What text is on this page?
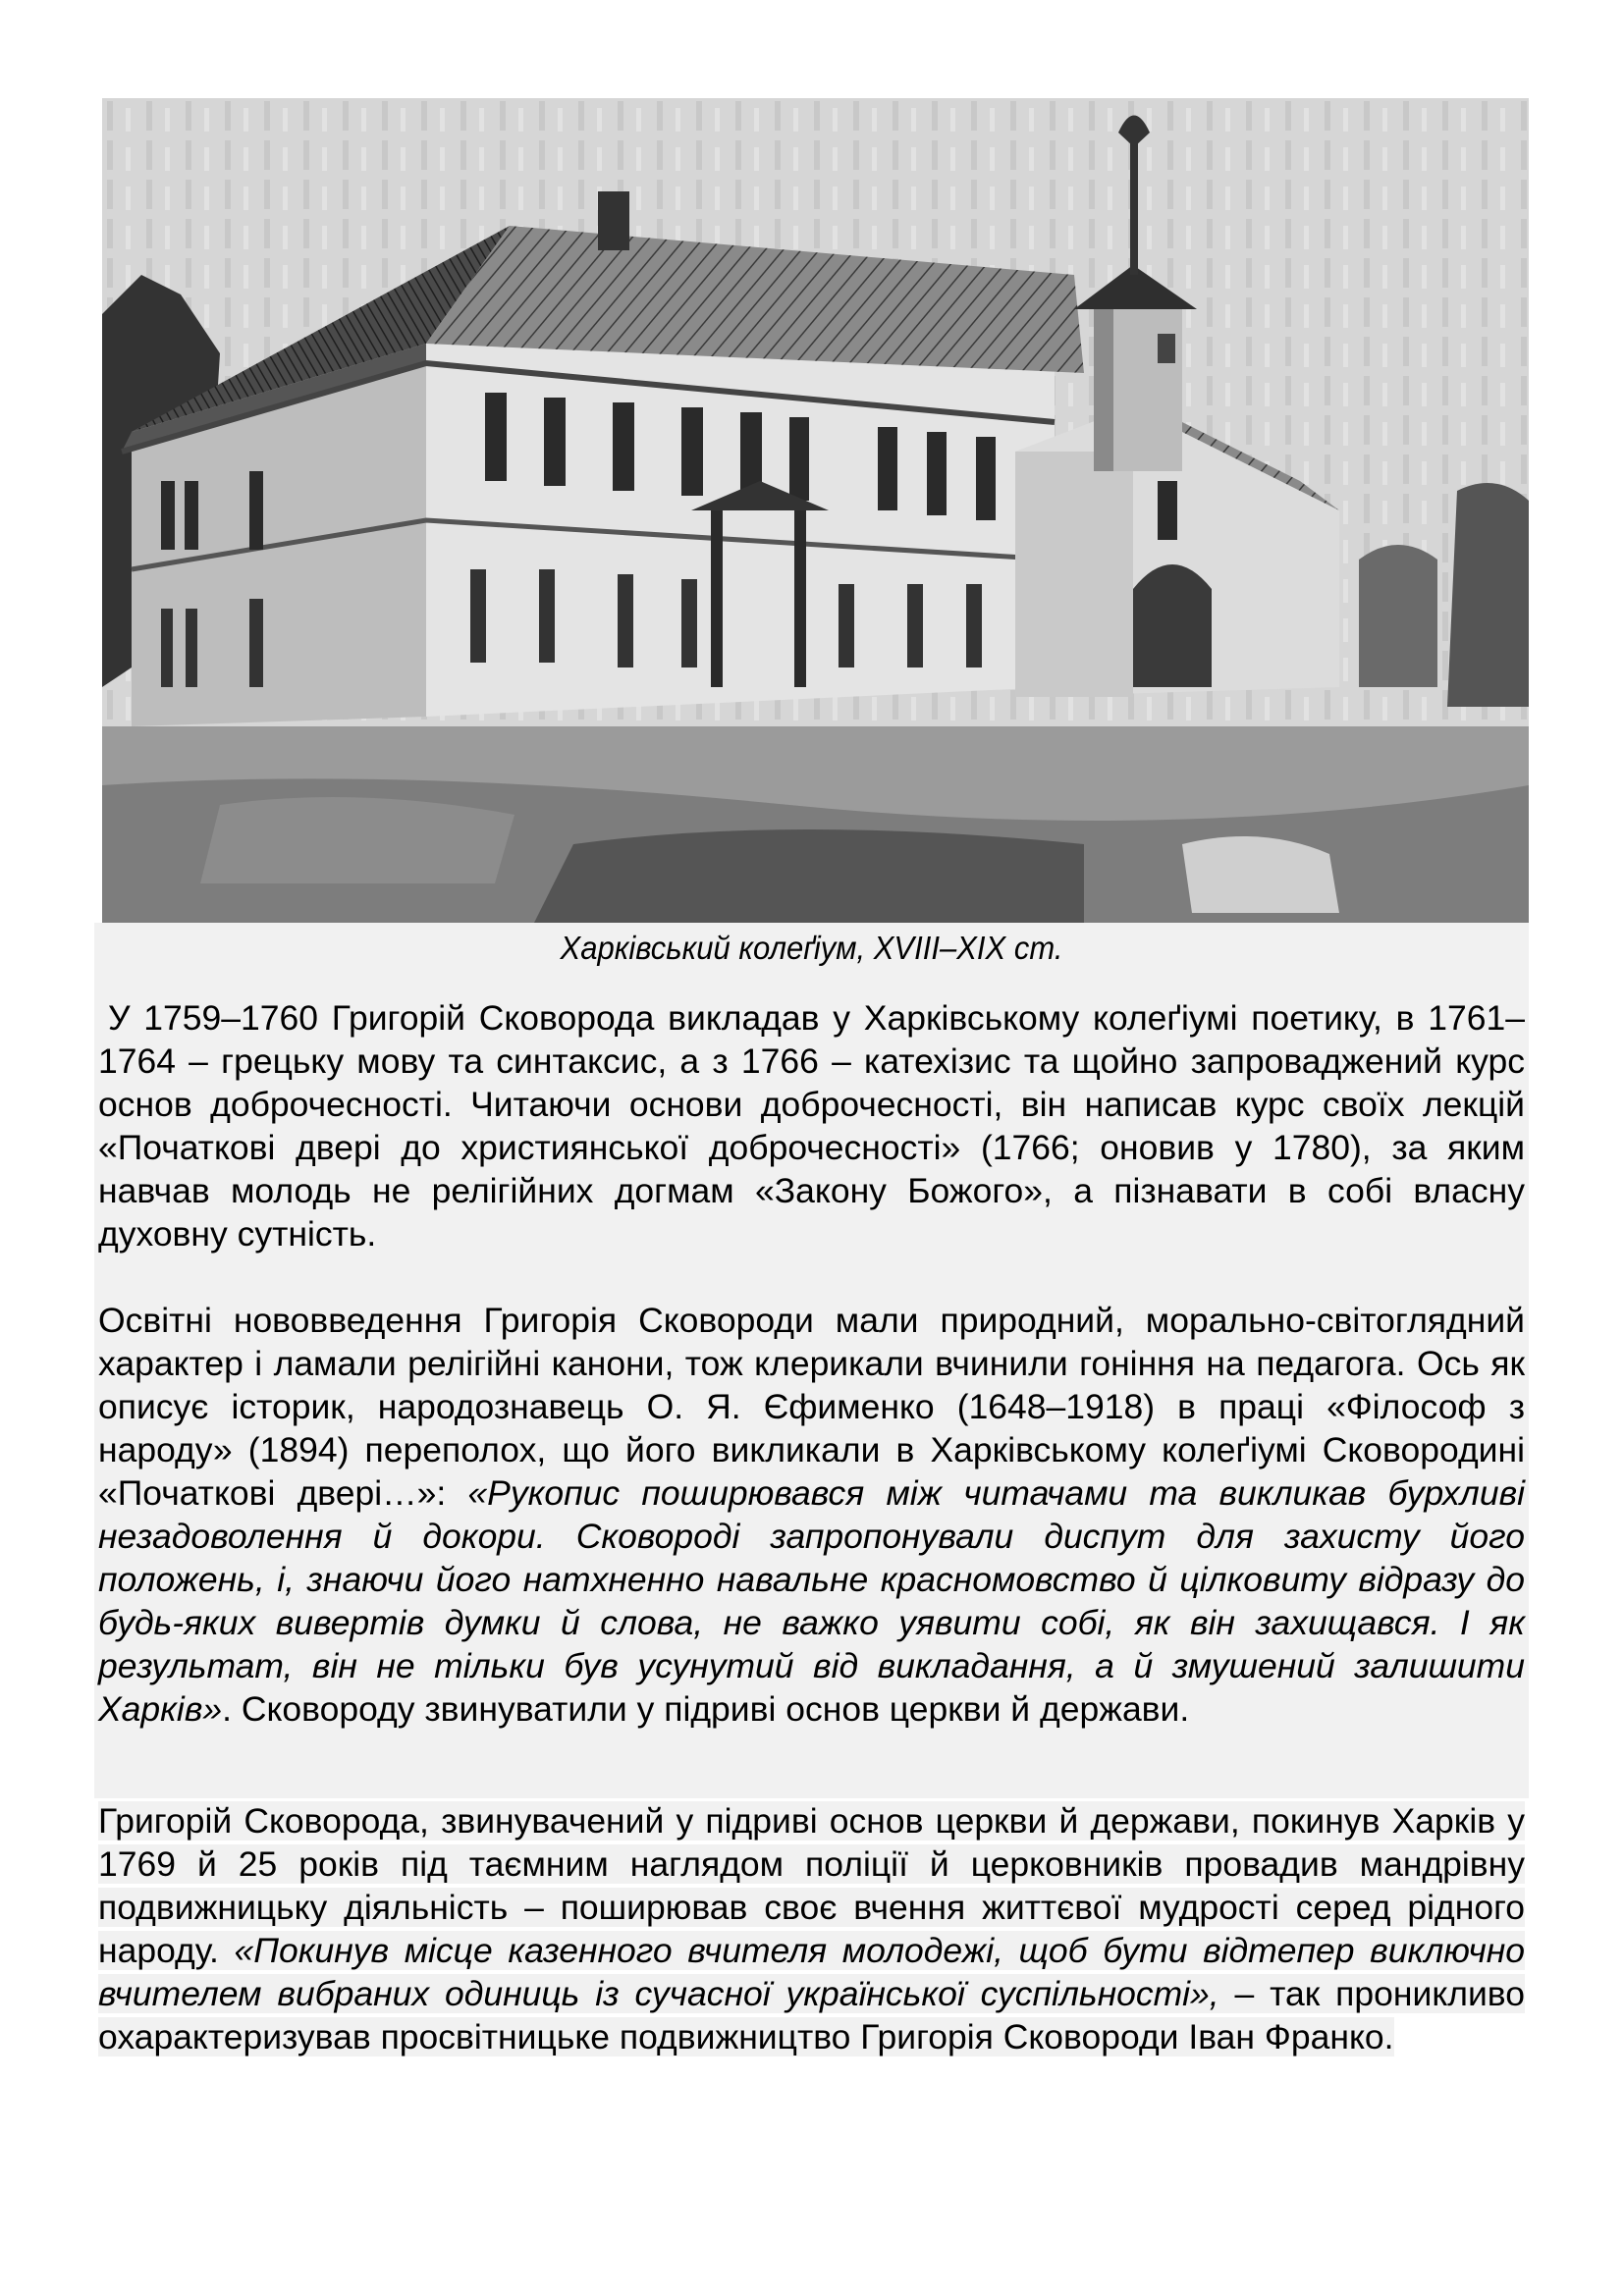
Харківський колеґіум, XVIII–XIX ст.

У 1759–1760 Григорій Сковорода викладав у Харківському колеґіумі поетику, в 1761–1764 – грецьку мову та синтаксис, а з 1766 – катехізис та щойно запроваджений курс основ доброчесності. Читаючи основи доброчесності, він написав курс своїх лекцій «Початкові двері до християнської доброчесності» (1766; оновив у 1780), за яким навчав молодь не релігійних догмам «Закону Божого», а пізнавати в собі власну духовну сутність.

Освітні нововведення Григорія Сковороди мали природний, морально-світоглядний характер і ламали релігійні канони, тож клерикали вчинили гоніння на педагога. Ось як описує історик, народознавець О. Я. Єфименко (1648–1918) в праці «Філософ з народу» (1894) переполох, що його викликали в Харківському колеґіумі Сковородині «Початкові двері…»: «Рукопис поширювався між читачами та викликав бурхливі незадоволення й докори. Сковороді запропонували диспут для захисту його положень, і, знаючи його натхненно навальне красномовство й цілковиту відразу до будь-яких вивертів думки й слова, не важко уявити собі, як він захищався. І як результат, він не тільки був усунутий від викладання, а й змушений залишити Харків». Сковороду звинуватили у підриві основ церкви й держави.

Григорій Сковорода, звинувачений у підриві основ церкви й держави, покинув Харків у 1769 й 25 років під таємним наглядом поліції й церковників провадив мандрівну подвижницьку діяльність – поширював своє вчення життєвої мудрості серед рідного народу. «Покинув місце казенного вчителя молодежі, щоб бути відтепер виключно вчителем вибраних одиниць із сучасної української суспільності», – так проникливо охарактеризував просвітницьке подвижництво Григорія Сковороди Іван Франко.
